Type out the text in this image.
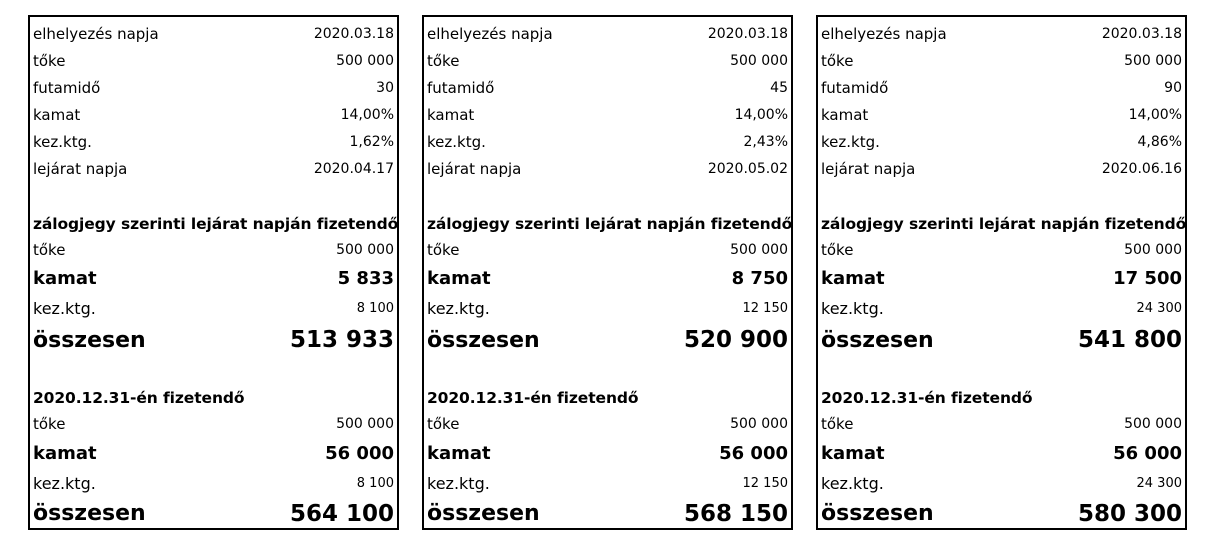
elhelyezés napja	2020.03.18
tőke	500 000
futamidő	30
kamat	14,00%
kez.ktg.	1,62%
lejárat napja	2020.04.17
zálogjegy szerinti lejárat napján fizetendő
tőke	500 000
kamat	5 833
kez.ktg.	8 100
összesen	513 933
2020.12.31-én fizetendő
tőke	500 000
kamat	56 000
kez.ktg.	8 100
összesen	564 100
elhelyezés napja	2020.03.18
tőke	500 000
futamidő	45
kamat	14,00%
kez.ktg.	2,43%
lejárat napja	2020.05.02
zálogjegy szerinti lejárat napján fizetendő
tőke	500 000
kamat	8 750
kez.ktg.	12 150
összesen	520 900
2020.12.31-én fizetendő
tőke	500 000
kamat	56 000
kez.ktg.	12 150
összesen	568 150
elhelyezés napja	2020.03.18
tőke	500 000
futamidő	90
kamat	14,00%
kez.ktg.	4,86%
lejárat napja	2020.06.16
zálogjegy szerinti lejárat napján fizetendő
tőke	500 000
kamat	17 500
kez.ktg.	24 300
összesen	541 800
2020.12.31-én fizetendő
tőke	500 000
kamat	56 000
kez.ktg.	24 300
összesen	580 300
